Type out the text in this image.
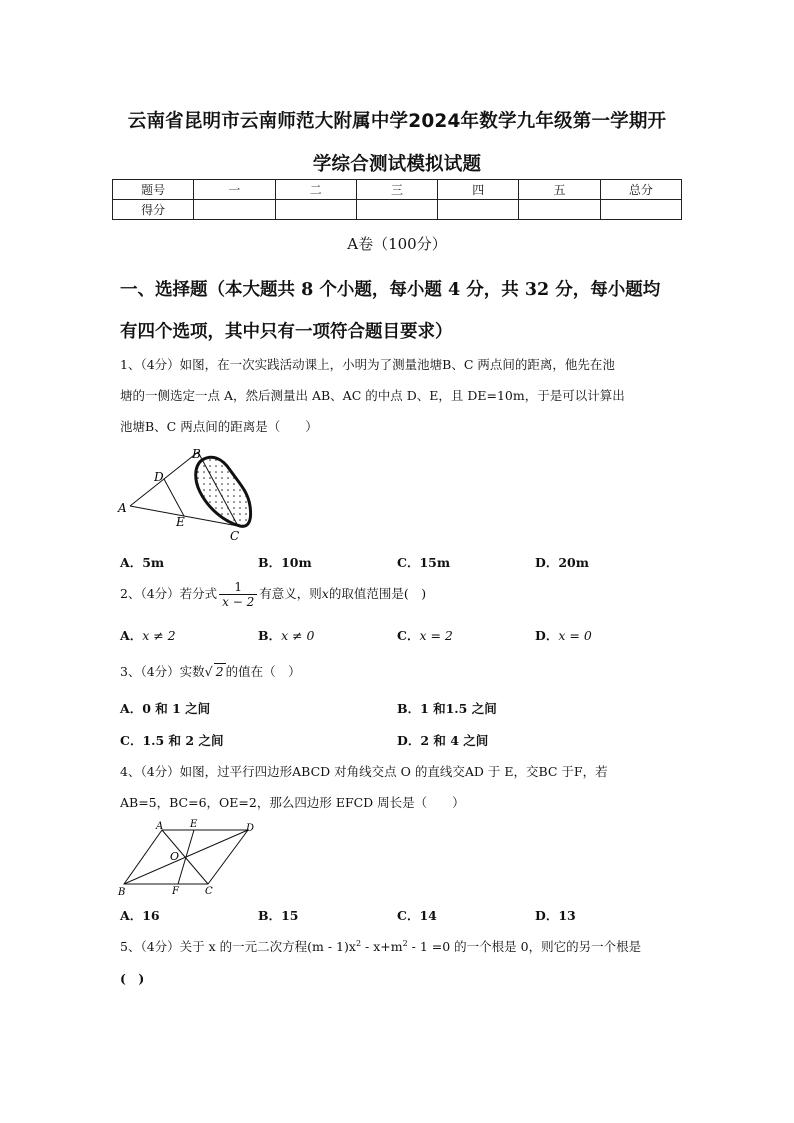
云南省昆明市云南师范大附属中学2024年数学九年级第一学期开
学综合测试模拟试题
题号	一	二	三	四	五	总分
得分						
A卷（100分）
一、选择题（本大题共 8 个小题，每小题 4 分，共 32 分，每小题均
有四个选项，其中只有一项符合题目要求）
1、（4分）如图，在一次实践活动课上，小明为了测量池塘B、C 两点间的距离，他先在池
塘的一侧选定一点 A，然后测量出 AB、AC 的中点 D、E，且 DE=10m，于是可以计算出
池塘B、C 两点间的距离是（　　）
A
B
C
D
E
A．5m	B．10m	C．15m	D．20m
2、（4分）若分式 $\frac{1}{x - 2}$ 有意义，则x的取值范围是(　)
A．x ≠ 2	B．x ≠ 0	C．x = 2	D．x = 0
3、（4分）实数√ 2 的值在（　）
A．0 和 1 之间	B．1 和1.5 之间
C．1.5 和 2 之间	D．2 和 4 之间
4、（4分）如图，过平行四边形ABCD 对角线交点 O 的直线交AD 于 E，交BC 于F，若
AB=5，BC=6，OE=2，那么四边形 EFCD 周长是（　　）
A	E	D
O
B	F	C
A．16	B．15	C．14	D．13
5、（4分）关于 x 的一元二次方程$(m - 1)x^2 - x+m^2 - 1 =0$ 的一个根是 0，则它的另一个根是
(　)
